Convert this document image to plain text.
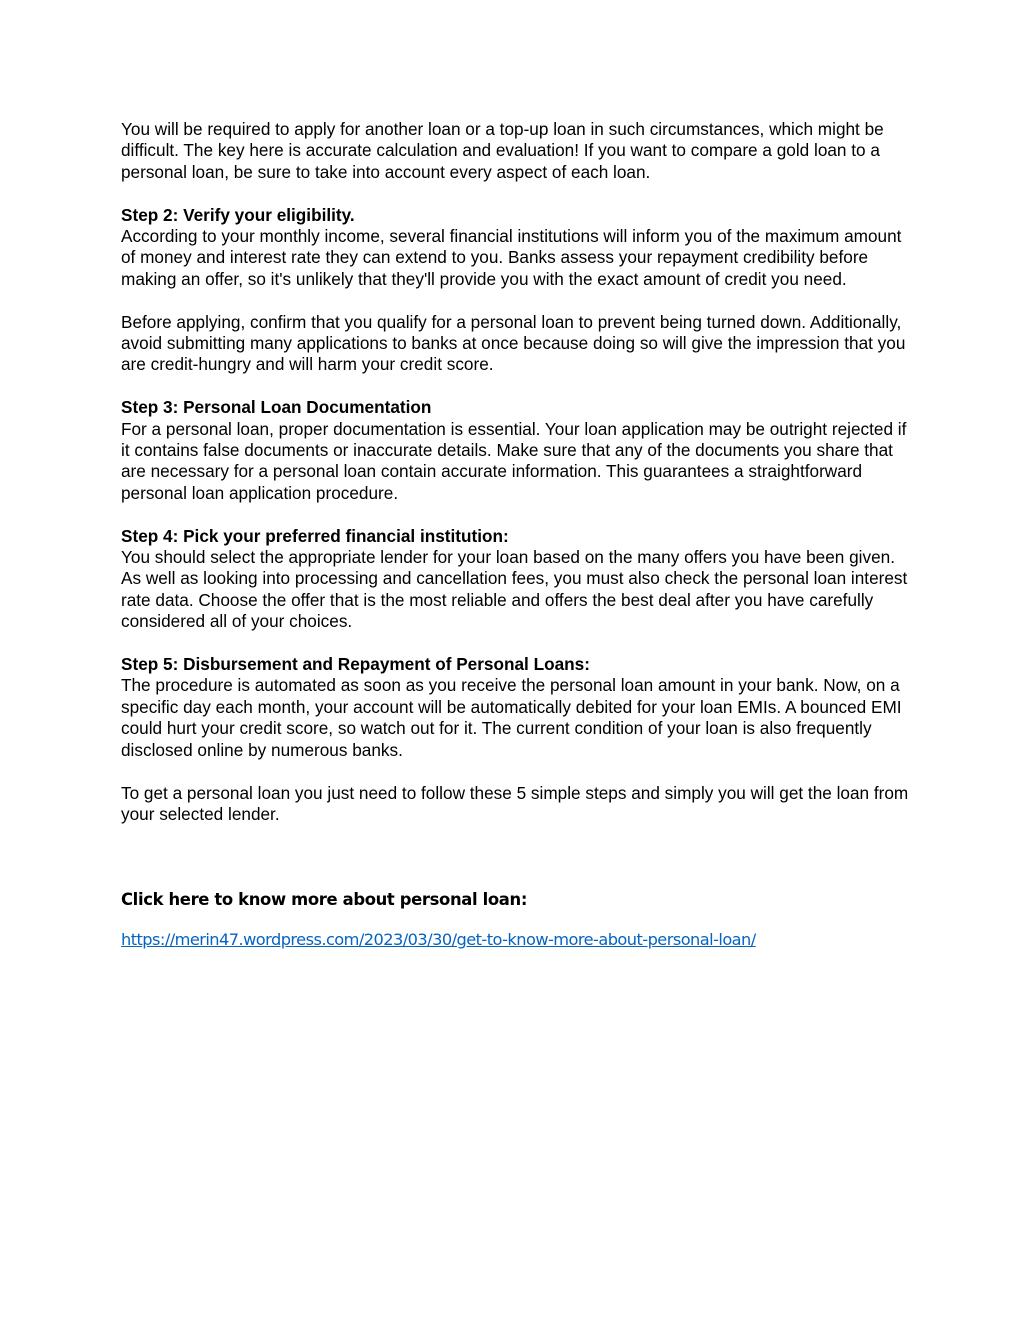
You will be required to apply for another loan or a top-up loan in such circumstances, which might be difficult. The key here is accurate calculation and evaluation! If you want to compare a gold loan to a personal loan, be sure to take into account every aspect of each loan.

Step 2: Verify your eligibility.
According to your monthly income, several financial institutions will inform you of the maximum amount of money and interest rate they can extend to you. Banks assess your repayment credibility before making an offer, so it's unlikely that they'll provide you with the exact amount of credit you need.

Before applying, confirm that you qualify for a personal loan to prevent being turned down. Additionally, avoid submitting many applications to banks at once because doing so will give the impression that you are credit-hungry and will harm your credit score.

Step 3: Personal Loan Documentation
For a personal loan, proper documentation is essential. Your loan application may be outright rejected if it contains false documents or inaccurate details. Make sure that any of the documents you share that are necessary for a personal loan contain accurate information. This guarantees a straightforward personal loan application procedure.

Step 4: Pick your preferred financial institution:
You should select the appropriate lender for your loan based on the many offers you have been given. As well as looking into processing and cancellation fees, you must also check the personal loan interest rate data. Choose the offer that is the most reliable and offers the best deal after you have carefully considered all of your choices.

Step 5: Disbursement and Repayment of Personal Loans:
The procedure is automated as soon as you receive the personal loan amount in your bank. Now, on a specific day each month, your account will be automatically debited for your loan EMIs. A bounced EMI could hurt your credit score, so watch out for it. The current condition of your loan is also frequently disclosed online by numerous banks.

To get a personal loan you just need to follow these 5 simple steps and simply you will get the loan from your selected lender.

Click here to know more about personal loan:
https://merin47.wordpress.com/2023/03/30/get-to-know-more-about-personal-loan/
